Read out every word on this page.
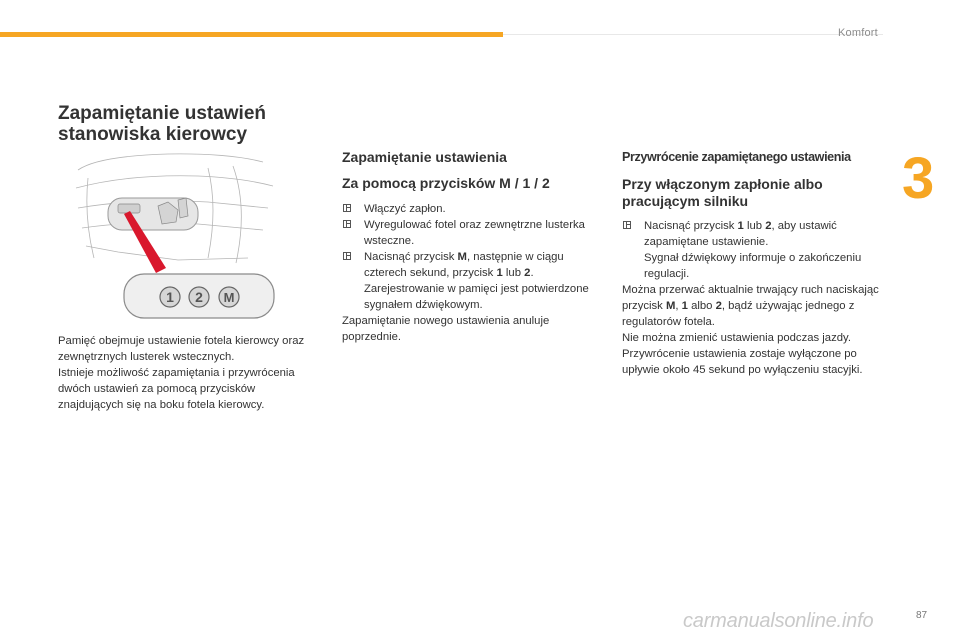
Komfort
3
Zapamiętanie ustawień stanowiska kierowcy
1 2 M

Pamięć obejmuje ustawienie fotela kierowcy oraz zewnętrznych lusterek wstecznych.

Istnieje możliwość zapamiętania i przywrócenia dwóch ustawień za pomocą przycisków znajdujących się na boku fotela kierowcy.

Zapamiętanie ustawienia
Za pomocą przycisków M / 1 / 2

Włączyć zapłon.

Wyregulować fotel oraz zewnętrzne lusterka wsteczne.

Nacisnąć przycisk M, następnie w ciągu czterech sekund, przycisk 1 lub 2.

Zarejestrowanie w pamięci jest potwierdzone sygnałem dźwiękowym.

Zapamiętanie nowego ustawienia anuluje poprzednie.

Przywrócenie zapamiętanego ustawienia
Przy włączonym zapłonie albo pracującym silniku

Nacisnąć przycisk 1 lub 2, aby ustawić zapamiętane ustawienie.

Sygnał dźwiękowy informuje o zakończeniu regulacji.

Można przerwać aktualnie trwający ruch naciskając przycisk M, 1 albo 2, bądź używając jednego z regulatorów fotela.

Nie można zmienić ustawienia podczas jazdy.

Przywrócenie ustawienia zostaje wyłączone po upływie około 45 sekund po wyłączeniu stacyjki.

carmanualsonline.info	87
